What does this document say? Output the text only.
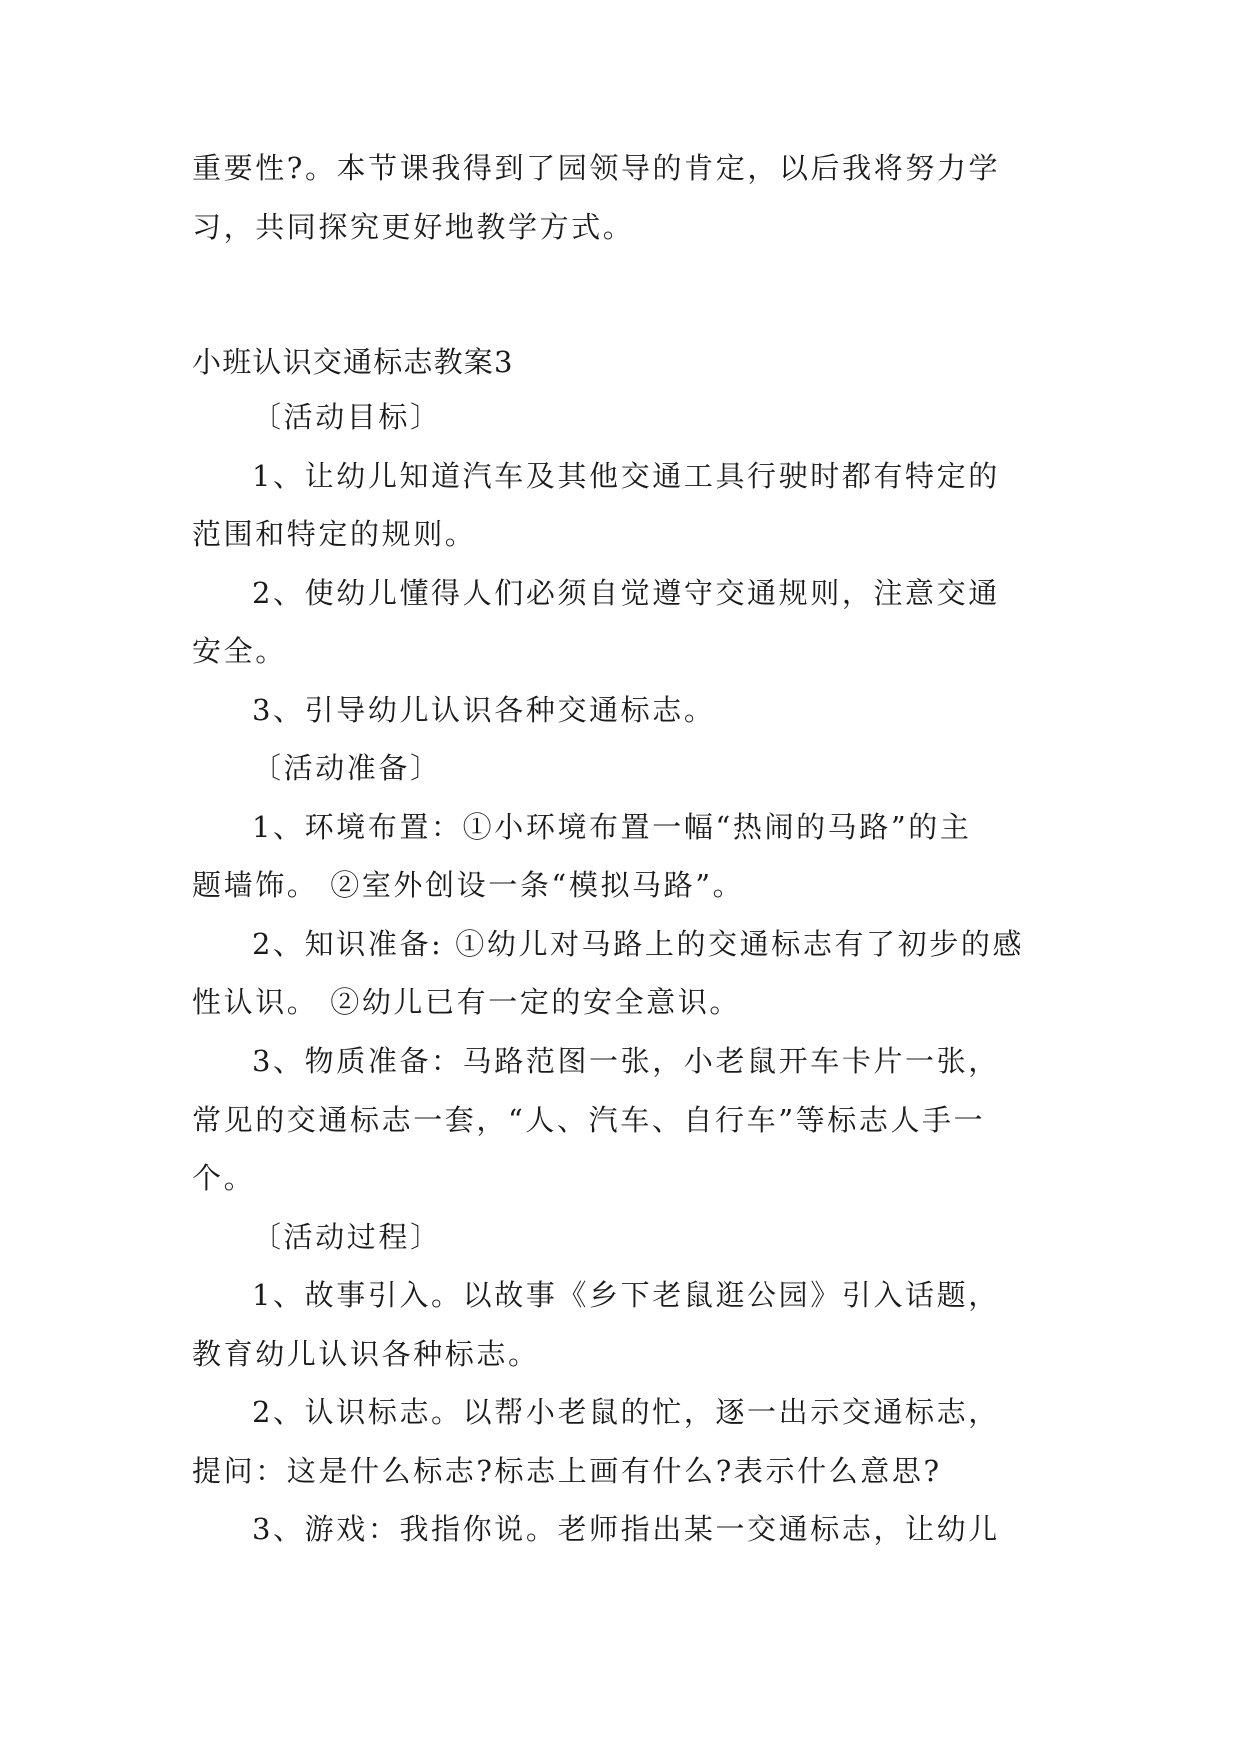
重要性?。本节课我得到了园领导的肯定，以后我将努力学
习，共同探究更好地教学方式。
小班认识交通标志教案3
〔活动目标〕
1、让幼儿知道汽车及其他交通工具行驶时都有特定的
范围和特定的规则。
2、使幼儿懂得人们必须自觉遵守交通规则，注意交通
安全。
3、引导幼儿认识各种交通标志。
〔活动准备〕
1、环境布置：①小环境布置一幅“热闹的马路”的主
题墙饰。 ②室外创设一条“模拟马路”。
2、知识准备: ①幼儿对马路上的交通标志有了初步的感
性认识。 ②幼儿已有一定的安全意识。
3、物质准备：马路范图一张，小老鼠开车卡片一张，
常见的交通标志一套，“人、汽车、自行车”等标志人手一
个。
〔活动过程〕
1、故事引入。以故事《乡下老鼠逛公园》引入话题，
教育幼儿认识各种标志。
2、认识标志。以帮小老鼠的忙，逐一出示交通标志，
提问：这是什么标志?标志上画有什么?表示什么意思?
3、游戏：我指你说。老师指出某一交通标志，让幼儿
